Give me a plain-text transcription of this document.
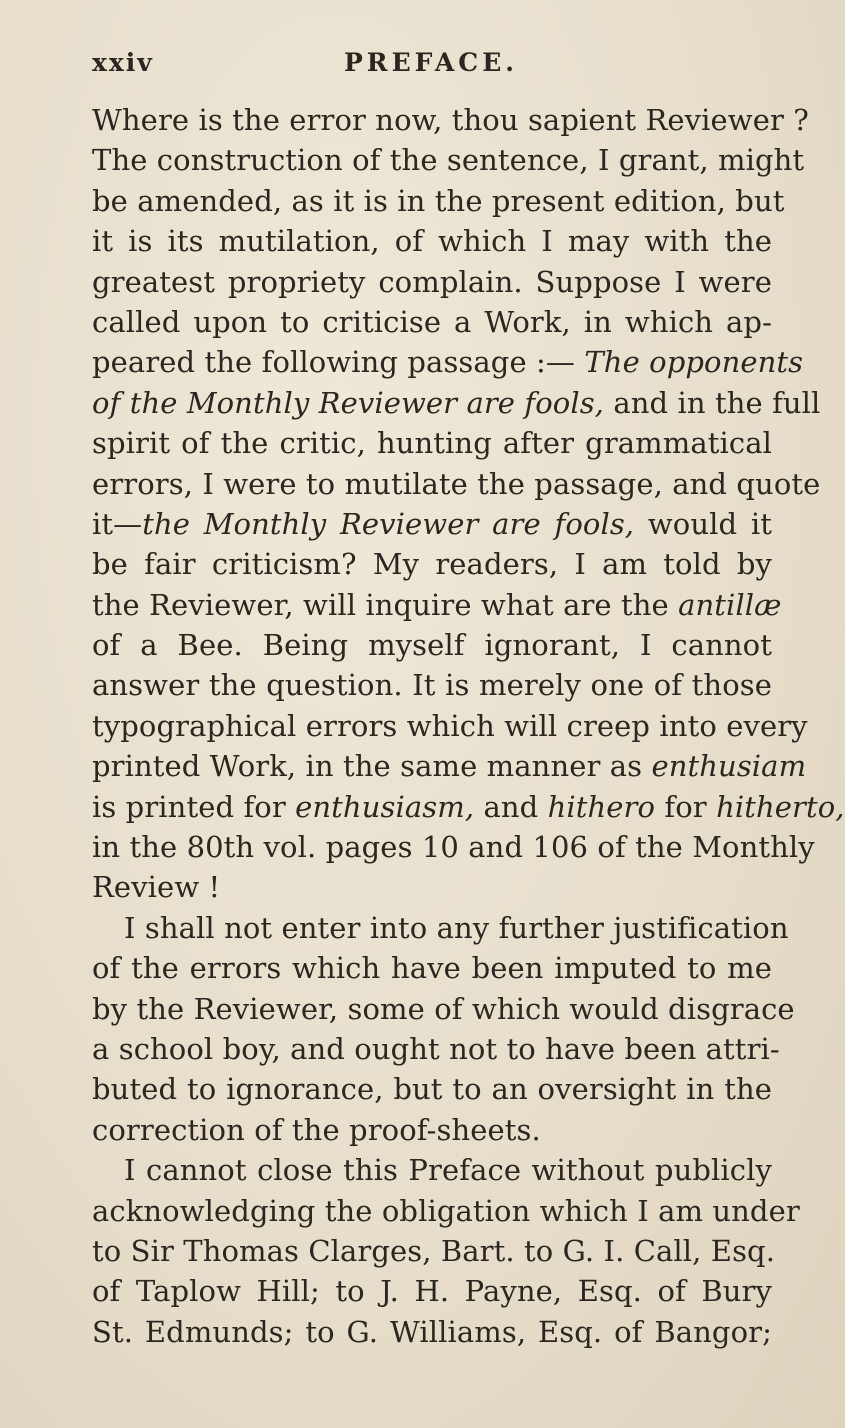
xxiv	PREFACE.
Where is the error now, thou sapient Reviewer ?
The construction of the sentence, I grant, might
be amended, as it is in the present edition, but
it is its mutilation, of which I may with the
greatest propriety complain. Suppose I were
called upon to criticise a Work, in which ap-
peared the following passage :— The opponents
of the Monthly Reviewer are fools, and in the full
spirit of the critic, hunting after grammatical
errors, I were to mutilate the passage, and quote
it—the Monthly Reviewer are fools, would it
be fair criticism? My readers, I am told by
the Reviewer, will inquire what are the antillæ
of a Bee. Being myself ignorant, I cannot
answer the question. It is merely one of those
typographical errors which will creep into every
printed Work, in the same manner as enthusiam
is printed for enthusiasm, and hithero for hitherto,
in the 80th vol. pages 10 and 106 of the Monthly
Review !
I shall not enter into any further justification
of the errors which have been imputed to me
by the Reviewer, some of which would disgrace
a school boy, and ought not to have been attri-
buted to ignorance, but to an oversight in the
correction of the proof-sheets.
I cannot close this Preface without publicly
acknowledging the obligation which I am under
to Sir Thomas Clarges, Bart. to G. I. Call, Esq.
of Taplow Hill; to J. H. Payne, Esq. of Bury
St. Edmunds; to G. Williams, Esq. of Bangor;
